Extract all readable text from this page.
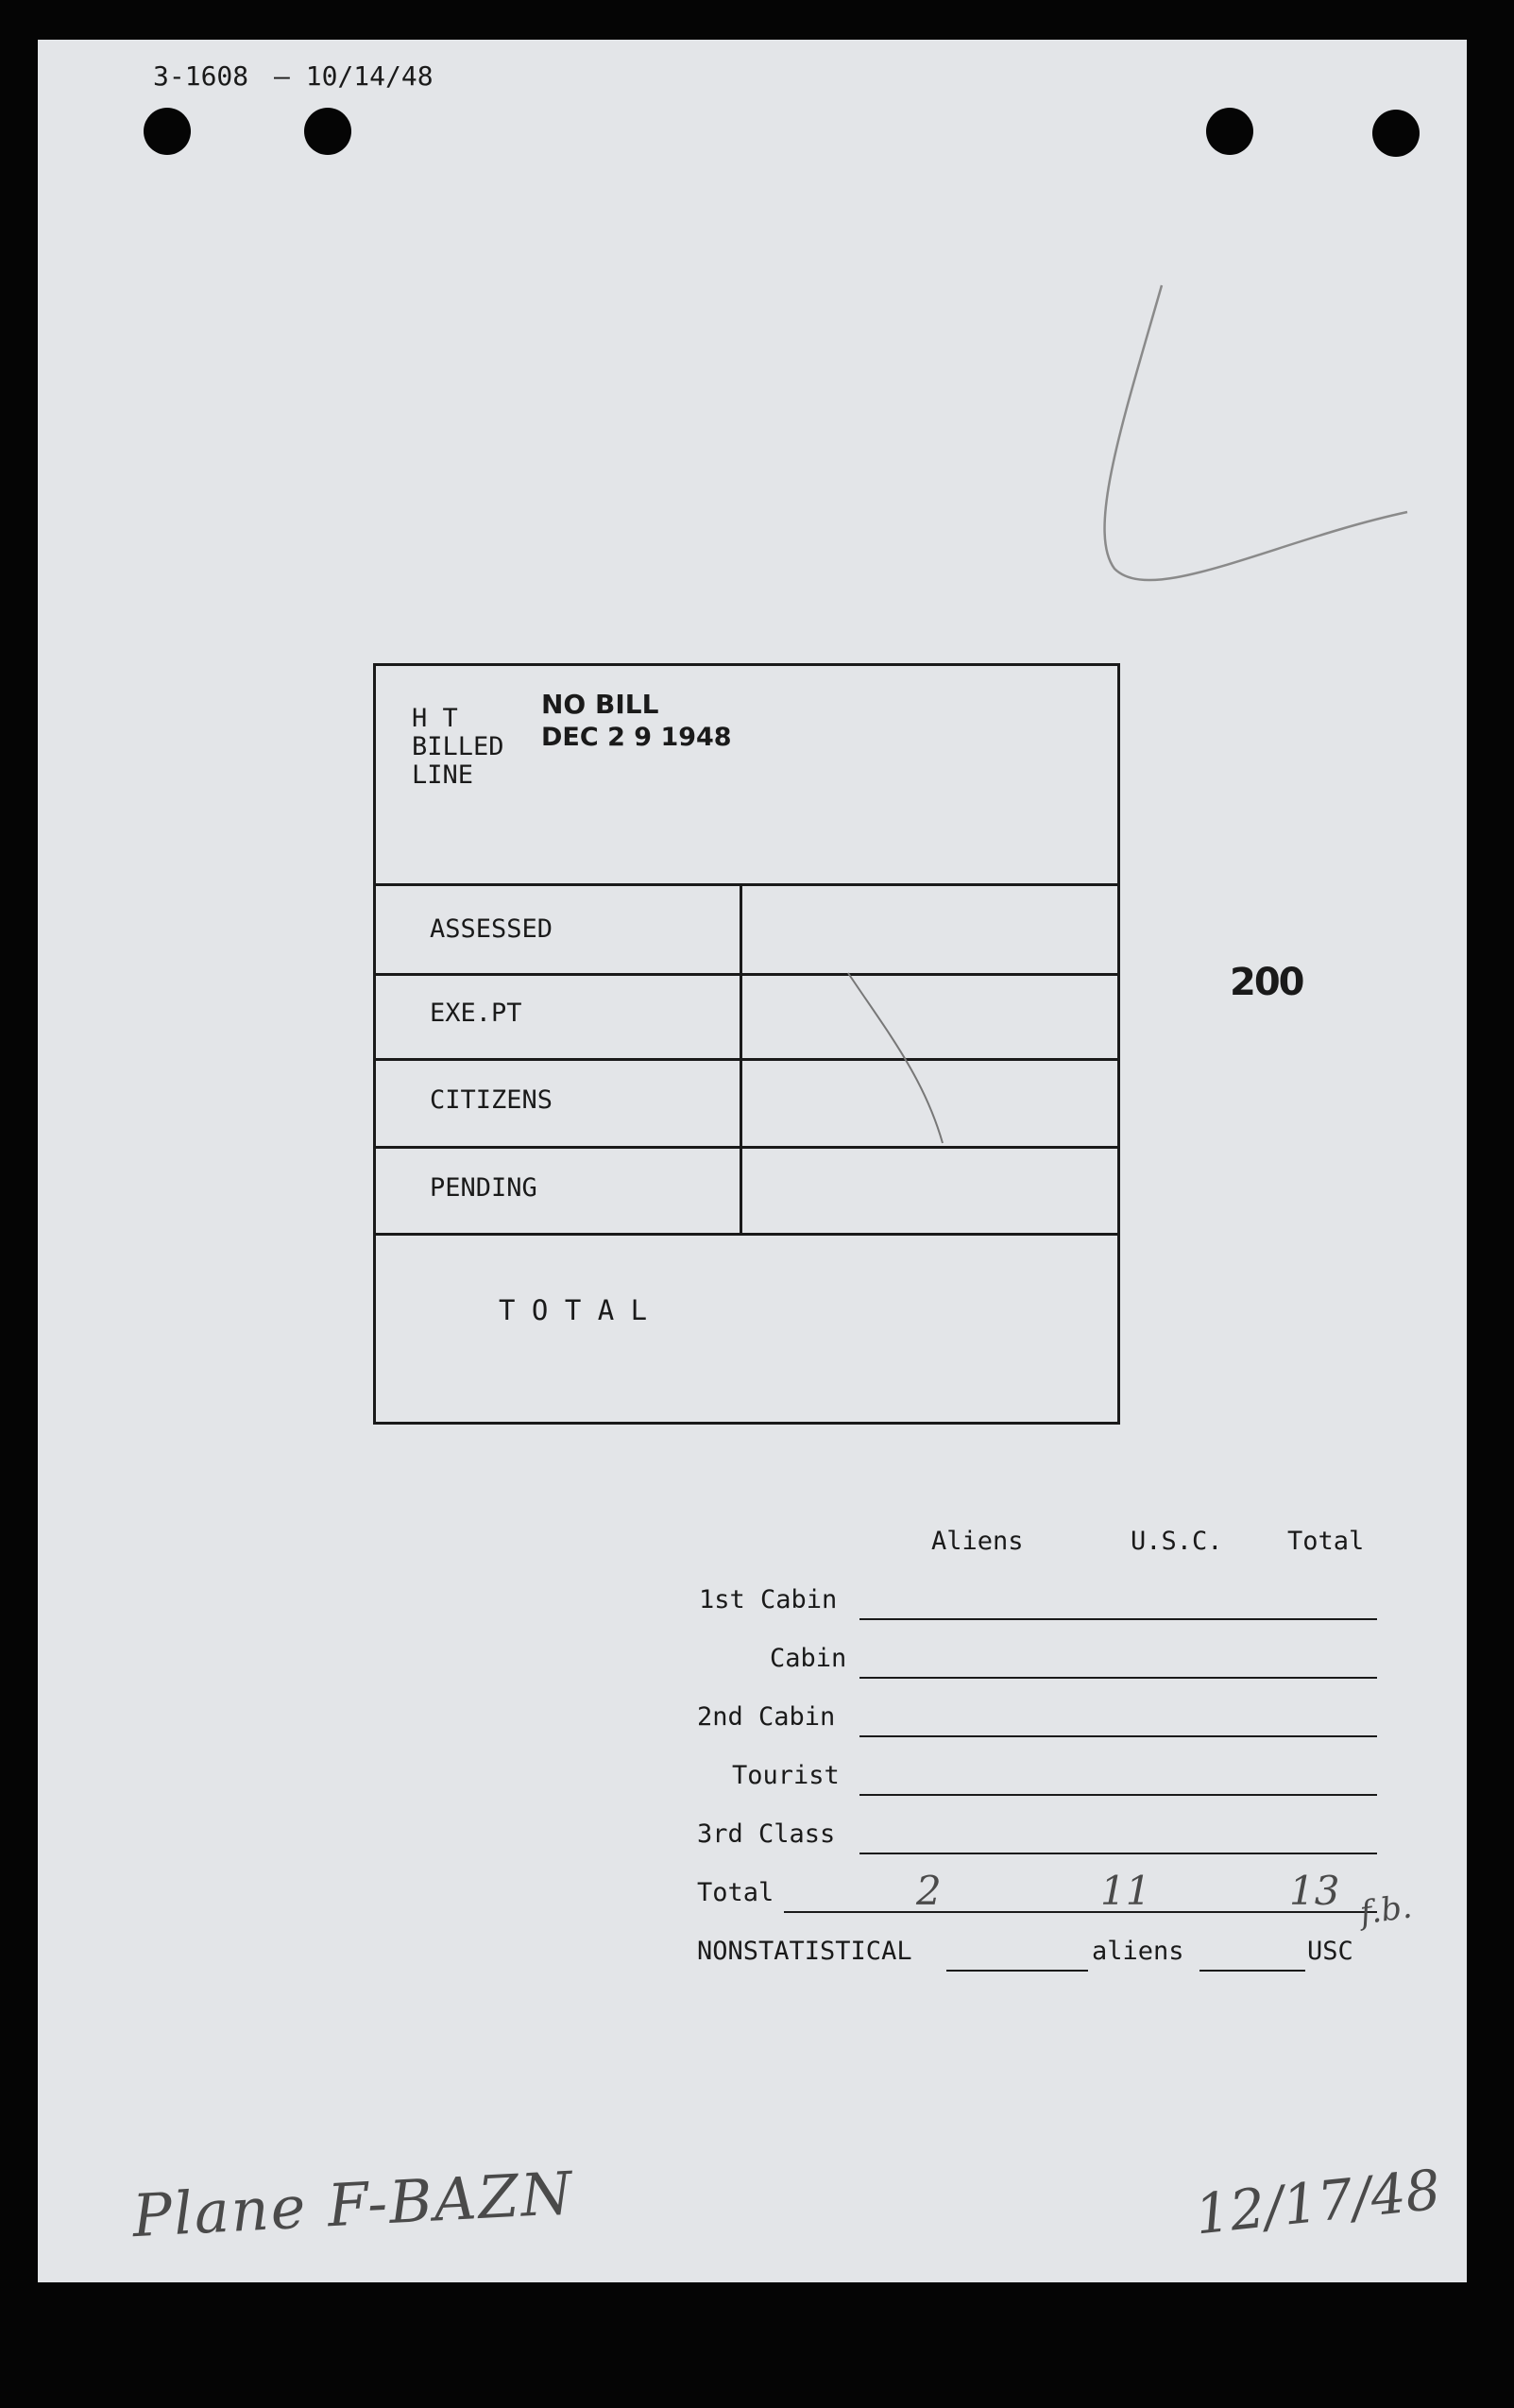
3-1608 — 10/14/48
H T
BILLED
LINE
NO BILL
DEC 2 9 1948
ASSESSED
EXE.PT
CITIZENS
PENDING
T O T A L
200
Aliens	U.S.C.	Total
1st Cabin
Cabin
2nd Cabin
Tourist
3rd Class
Total	2	11	13 f.b.
NONSTATISTICAL	aliens	USC
Plane F-BAZN	12/17/48
